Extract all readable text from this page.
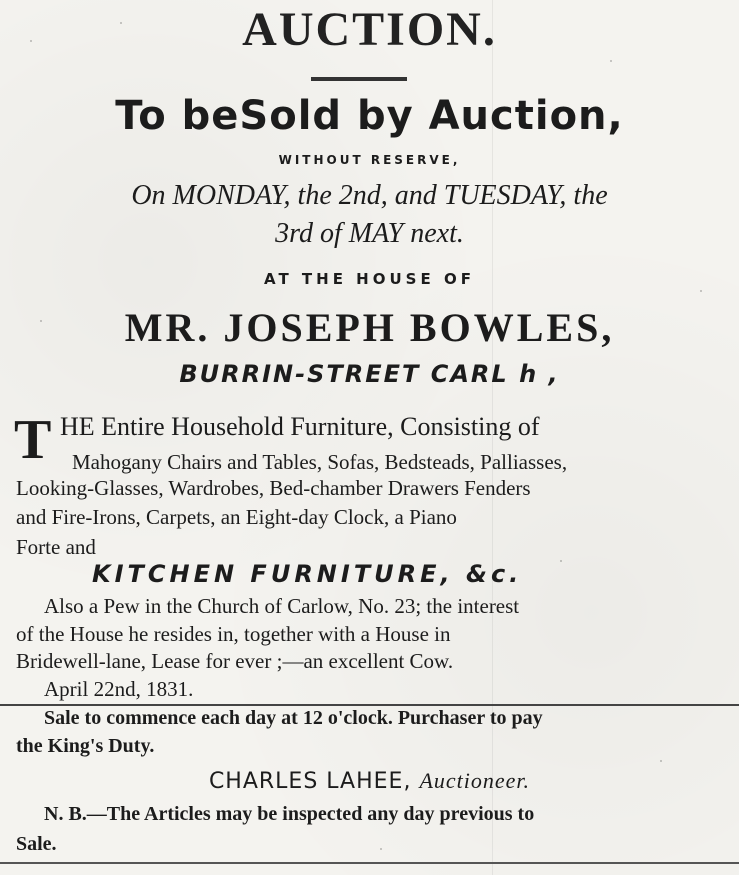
AUCTION.
To beSold by Auction,
WITHOUT RESERVE,
On MONDAY, the 2nd, and TUESDAY, the
3rd of MAY next.
AT THE HOUSE OF
MR. JOSEPH BOWLES,
BURRIN-STREET CARL h ,
T HE Entire Household Furniture, Consisting of
Mahogany Chairs and Tables, Sofas, Bedsteads, Palliasses,
Looking-Glasses, Wardrobes, Bed-chamber Drawers Fenders
and Fire-Irons, Carpets, an Eight-day Clock, a Piano
Forte and
KITCHEN FURNITURE, &c.
Also a Pew in the Church of Carlow, No. 23; the interest
of the House he resides in, together with a House in
Bridewell-lane, Lease for ever ;—an excellent Cow.
April 22nd, 1831.
Sale to commence each day at 12 o'clock. Purchaser to pay
the King's Duty.
CHARLES LAHEE, Auctioneer.
N. B.—The Articles may be inspected any day previous to
Sale.
